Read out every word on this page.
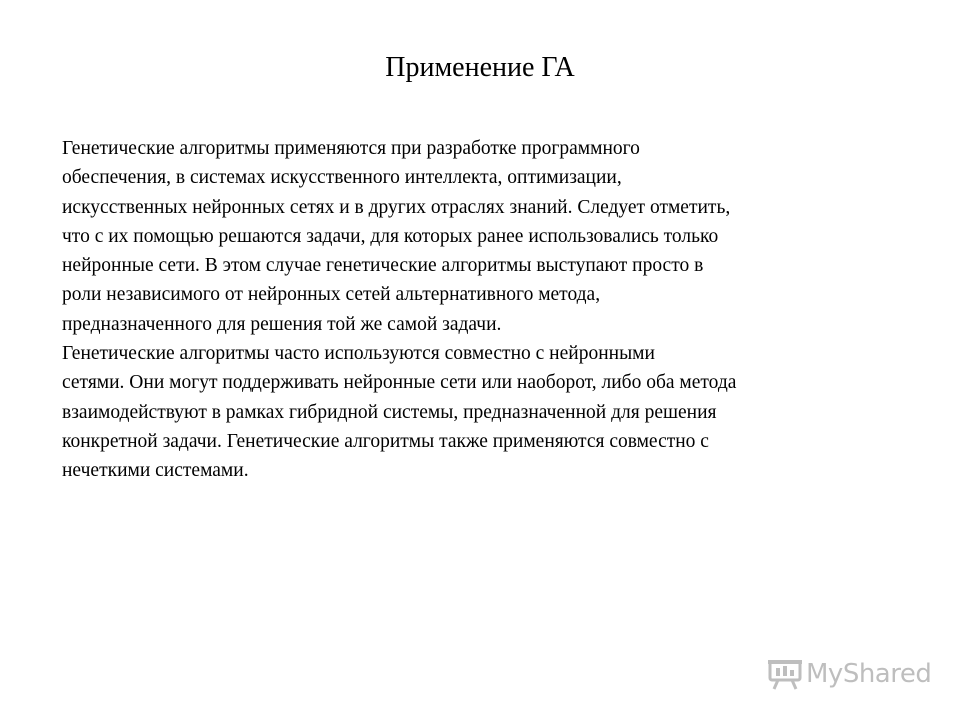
Применение ГА
Генетические алгоритмы применяются при разработке программного
обеспечения, в системах искусственного интеллекта, оптимизации,
искусственных нейронных сетях и в других отраслях знаний. Следует отметить,
что с их помощью решаются задачи, для которых ранее использовались только
нейронные сети. В этом случае генетические алгоритмы выступают просто в
роли независимого от нейронных сетей альтернативного метода,
предназначенного для решения той же самой задачи.
Генетические алгоритмы часто используются совместно с нейронными
сетями. Они могут поддерживать нейронные сети или наоборот, либо оба метода
взаимодействуют в рамках гибридной системы, предназначенной для решения
конкретной задачи. Генетические алгоритмы также применяются совместно с
нечеткими системами.
MyShared
